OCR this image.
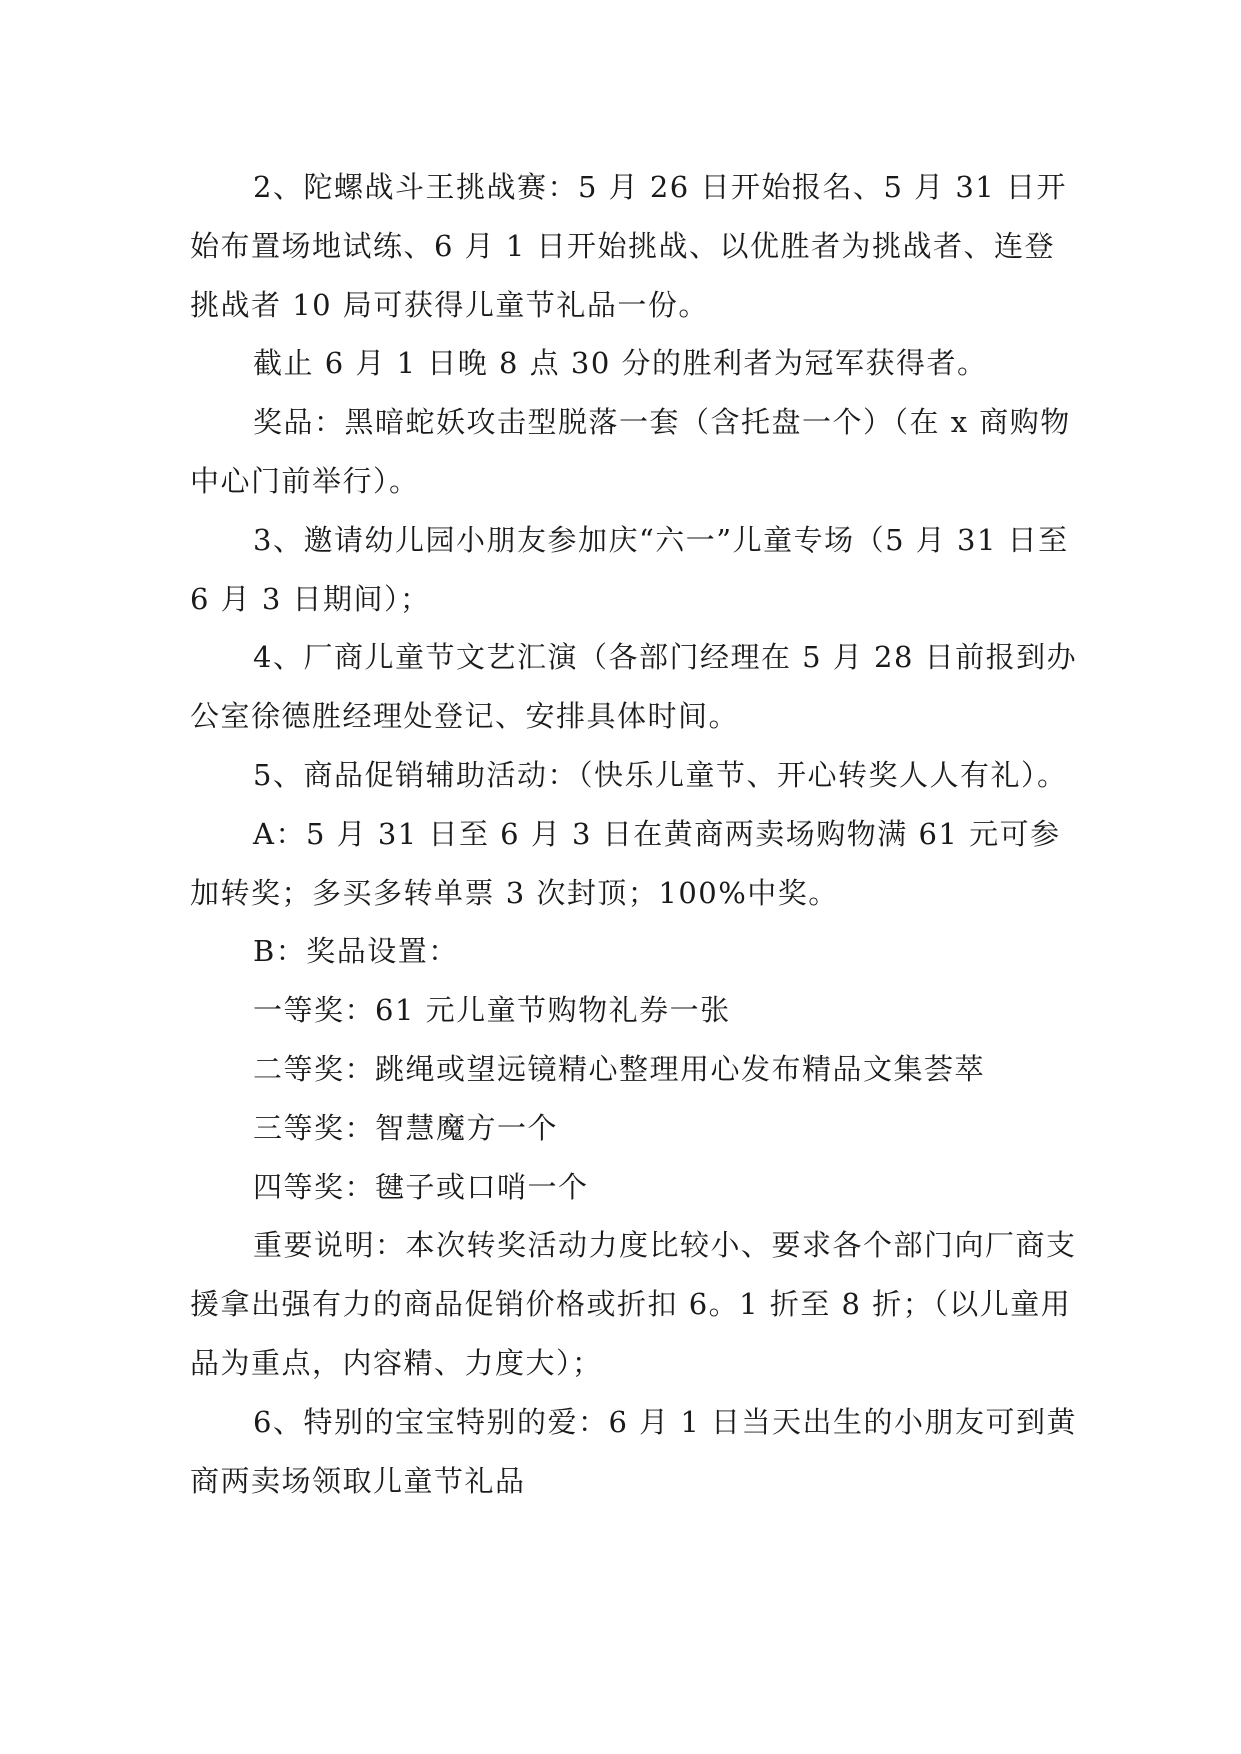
2、陀螺战斗王挑战赛：5 月 26 日开始报名、5 月 31 日开始布置场地试练、6 月 1 日开始挑战、以优胜者为挑战者、连登挑战者 10 局可获得儿童节礼品一份。

截止 6 月 1 日晚 8 点 30 分的胜利者为冠军获得者。

奖品：黑暗蛇妖攻击型脱落一套（含托盘一个）（在 x 商购物中心门前举行）。

3、邀请幼儿园小朋友参加庆“六一”儿童专场（5 月 31 日至 6 月 3 日期间）；

4、厂商儿童节文艺汇演（各部门经理在 5 月 28 日前报到办公室徐德胜经理处登记、安排具体时间。

5、商品促销辅助活动：（快乐儿童节、开心转奖人人有礼）。

A：5 月 31 日至 6 月 3 日在黄商两卖场购物满 61 元可参加转奖；多买多转单票 3 次封顶；100%中奖。

B：奖品设置：

一等奖：61 元儿童节购物礼券一张

二等奖：跳绳或望远镜精心整理用心发布精品文集荟萃

三等奖：智慧魔方一个

四等奖：毽子或口哨一个

重要说明：本次转奖活动力度比较小、要求各个部门向厂商支援拿出强有力的商品促销价格或折扣 6。1 折至 8 折；（以儿童用品为重点，内容精、力度大）；

6、特别的宝宝特别的爱：6 月 1 日当天出生的小朋友可到黄商两卖场领取儿童节礼品
